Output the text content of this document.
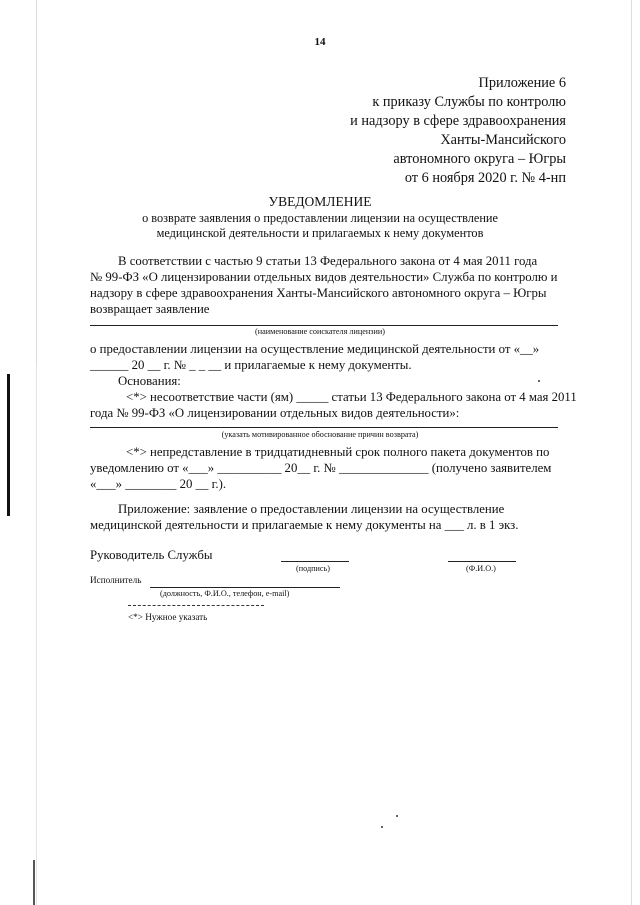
14
Приложение 6
к приказу Службы по контролю
и надзору в сфере здравоохранения
Ханты-Мансийского
автономного округа – Югры
от 6 ноября 2020 г. № 4-нп
УВЕДОМЛЕНИЕ
о возврате заявления о предоставлении лицензии на осуществление
медицинской деятельности и прилагаемых к нему документов
В соответствии с частью 9 статьи 13 Федерального закона от 4 мая 2011 года
№ 99-ФЗ «О лицензировании отдельных видов деятельности» Служба по контролю и
надзору в сфере здравоохранения Ханты-Мансийского автономного округа – Югры
возвращает заявление
(наименование соискателя лицензии)
о предоставлении лицензии на осуществление медицинской деятельности от «__»
______ 20 __ г. № _ _ __ и прилагаемые к нему документы.
Основания:
<*> несоответствие части (ям) _____ статьи 13 Федерального закона от 4 мая 2011
года № 99-ФЗ «О лицензировании отдельных видов деятельности»:
(указать мотивированное обоснование причин возврата)
<*> непредставление в тридцатидневный срок полного пакета документов по
уведомлению от «___» __________ 20__ г. № ______________ (получено заявителем
«___» ________ 20 __ г.).
Приложение: заявление о предоставлении лицензии на осуществление
медицинской деятельности и прилагаемые к нему документы на ___ л. в 1 экз.
Руководитель Службы
(подпись)	(Ф.И.О.)
Исполнитель
(должность, Ф.И.О., телефон, e-mail)
<*> Нужное указать
